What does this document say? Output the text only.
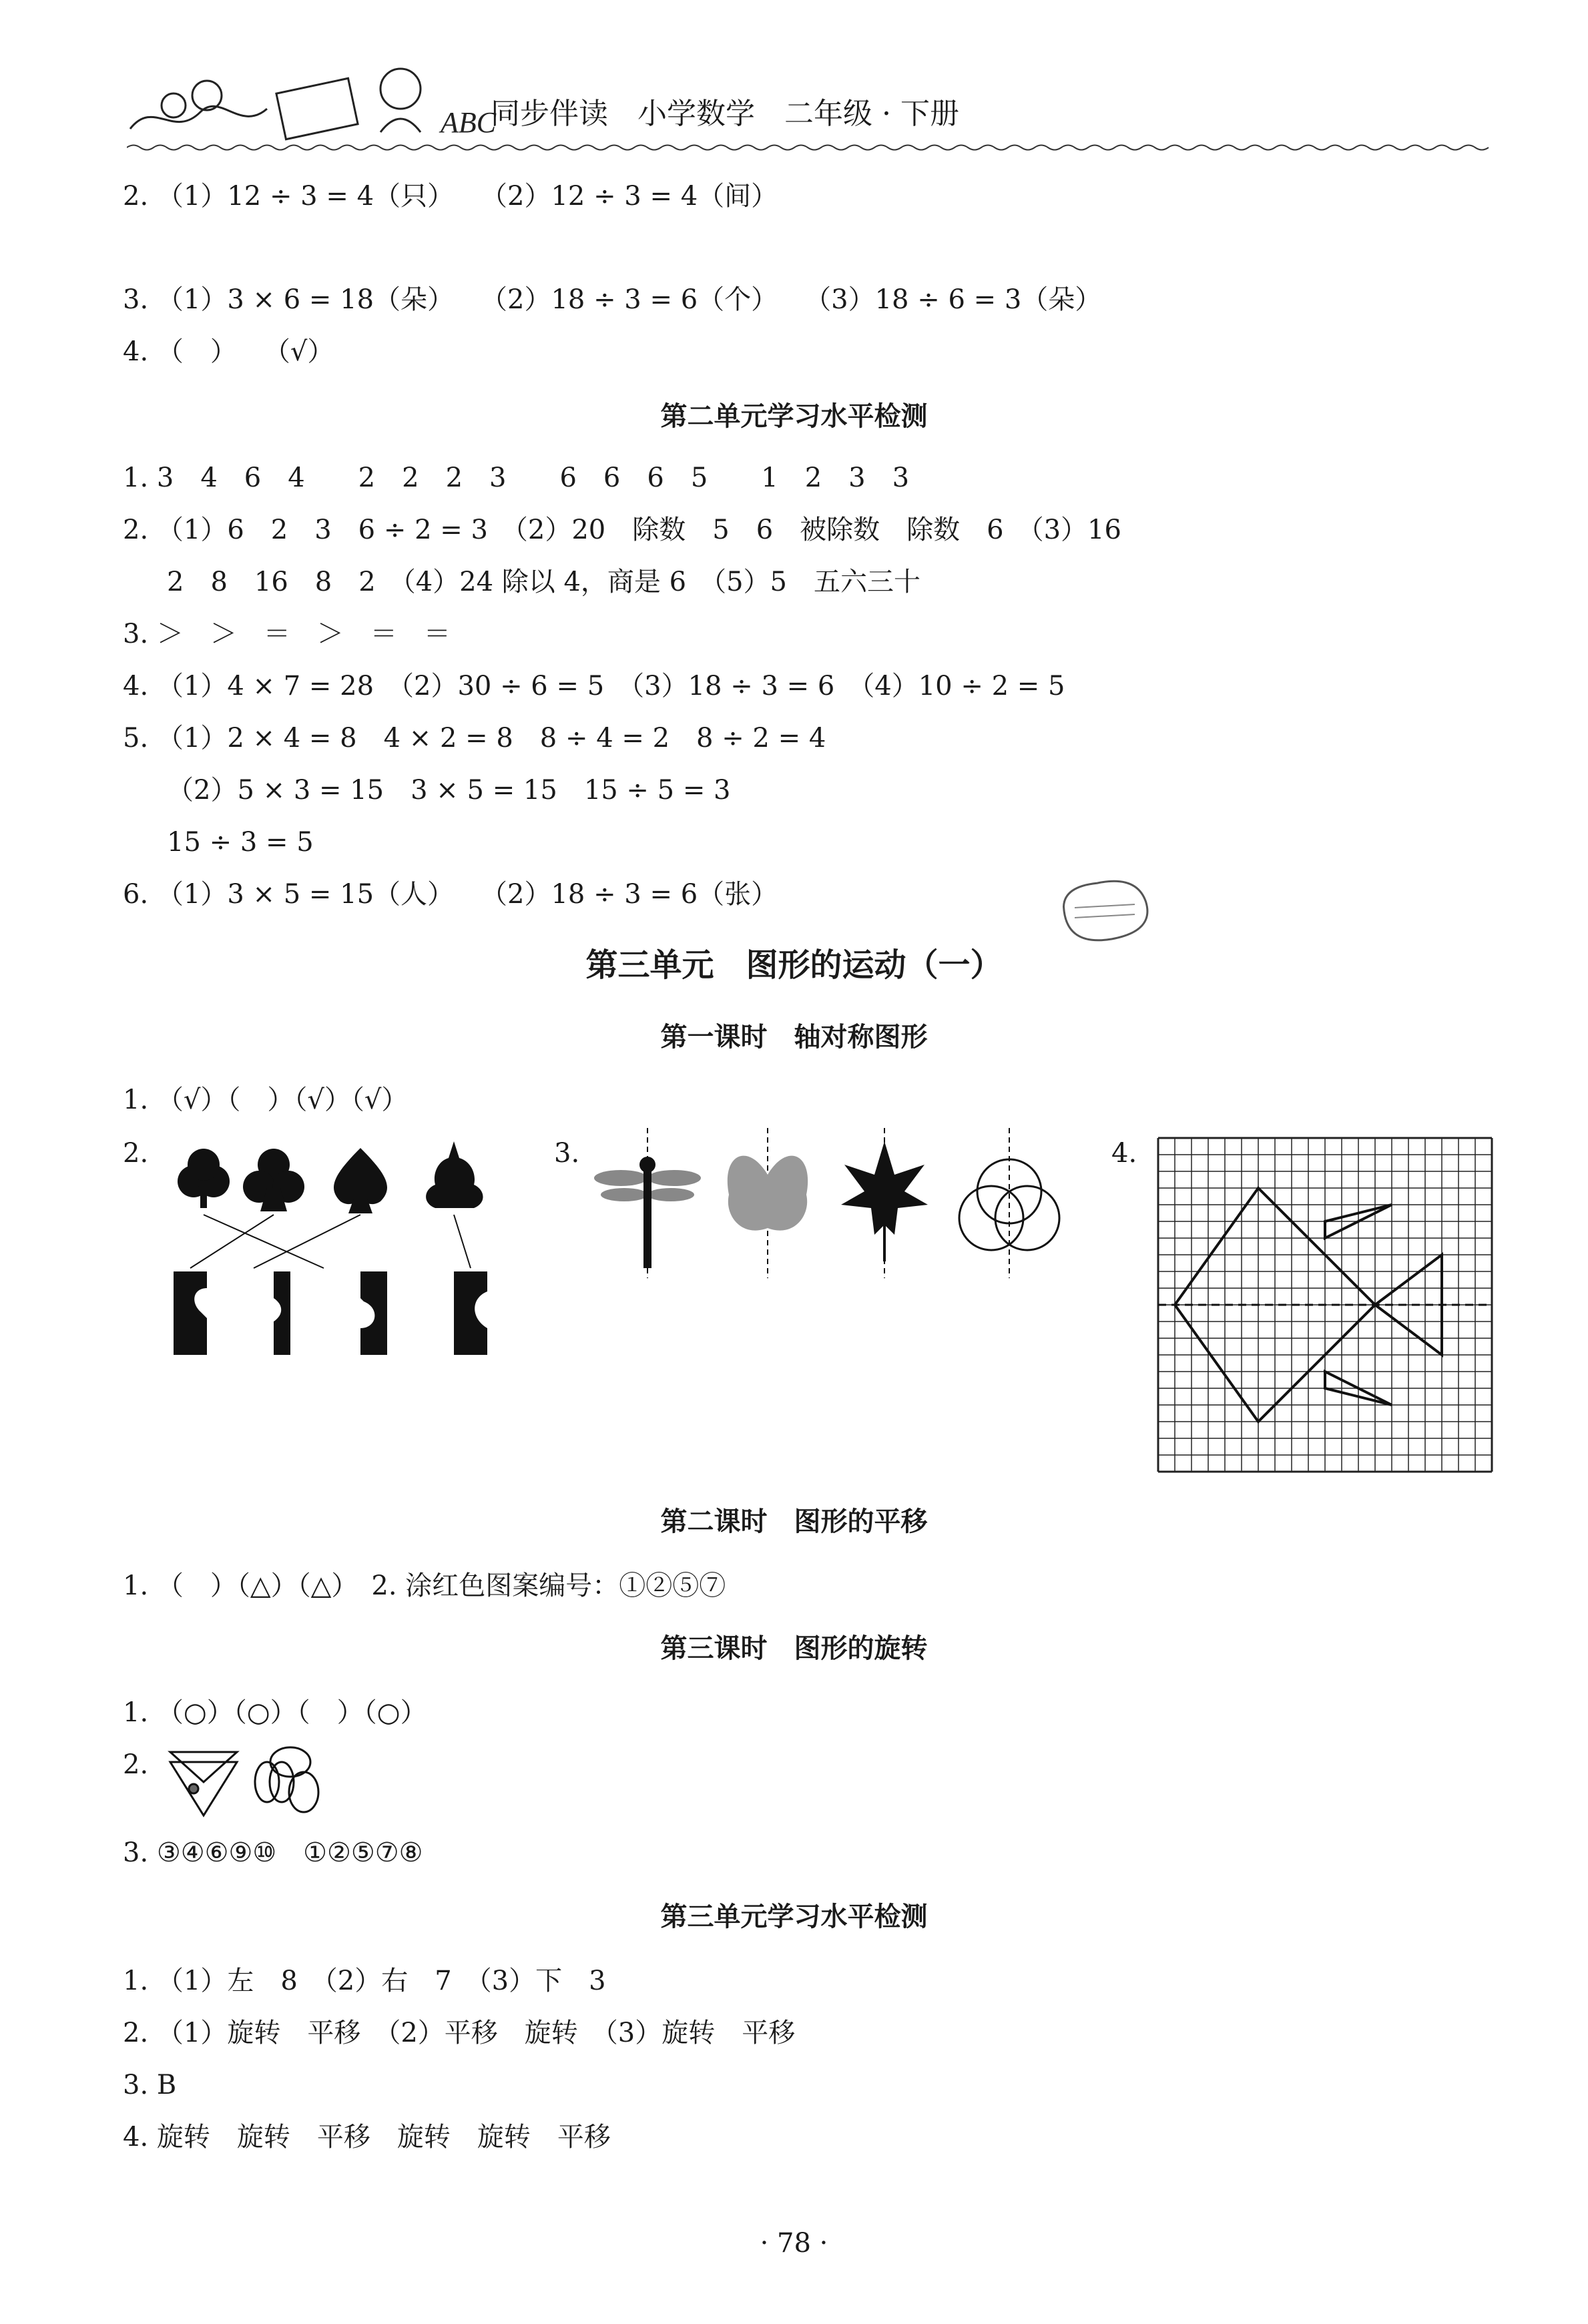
ABC
同步伴读　小学数学　二年级 · 下册
2. （1）12 ÷ 3 = 4（只）　　（2）12 ÷ 3 = 4（间）
3. （1）3 × 6 = 18（朵）　　（2）18 ÷ 3 = 6（个）　　（3）18 ÷ 6 = 3（朵）
4. （　）　　（√）
第二单元学习水平检测
1. 3　4　6　4　　2　2　2　3　　6　6　6　5　　1　2　3　3
2. （1）6　2　3　6 ÷ 2 = 3　（2）20　除数　5　6　被除数　除数　6　（3）16
2　8　16　8　2　（4）24 除以 4，商是 6　（5）5　五六三十
3. ＞　＞　＝　＞　＝　＝
4. （1）4 × 7 = 28　（2）30 ÷ 6 = 5　（3）18 ÷ 3 = 6　（4）10 ÷ 2 = 5
5. （1）2 × 4 = 8　4 × 2 = 8　8 ÷ 4 = 2　8 ÷ 2 = 4
（2）5 × 3 = 15　3 × 5 = 15　15 ÷ 5 = 3
15 ÷ 3 = 5
6. （1）3 × 5 = 15（人）　　（2）18 ÷ 3 = 6（张）
第三单元　图形的运动（一）
第一课时　轴对称图形
1. （√）（　）（√）（√）
2.	3.	4.
第二课时　图形的平移
1. （　）（△）（△）　2. 涂红色图案编号：①②⑤⑦
第三课时　图形的旋转
1. （○）（○）（　）（○）
2.
3. ③④⑥⑨⑩　①②⑤⑦⑧
第三单元学习水平检测
1. （1）左　8　（2）右　7　（3）下　3
2. （1）旋转　平移　（2）平移　旋转　（3）旋转　平移
3. B
4. 旋转　旋转　平移　旋转　旋转　平移
· 78 ·
